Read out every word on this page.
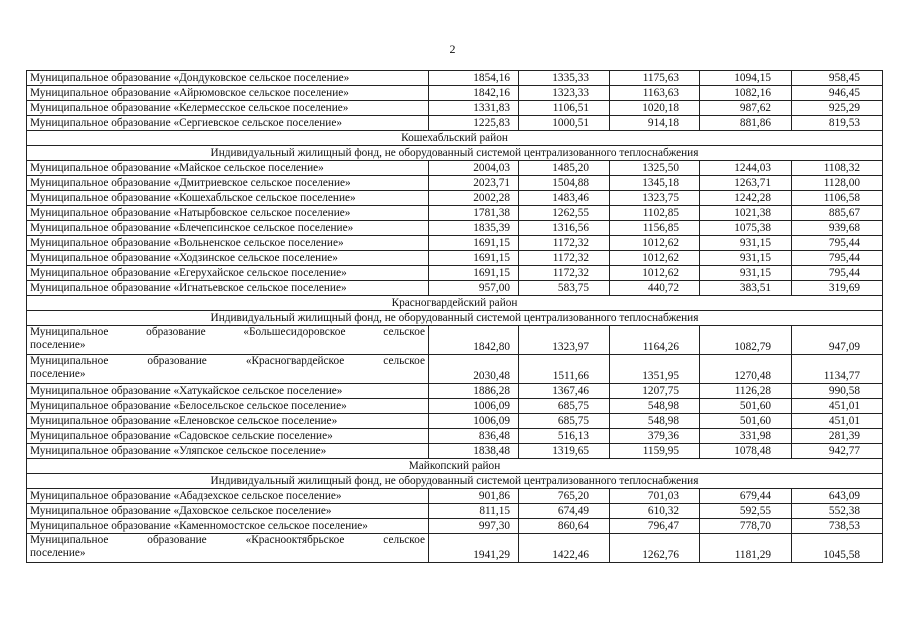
2
Муниципальное образование «Дондуковское сельское поселение»	1854,16	1335,33	1175,63	1094,15	958,45
Муниципальное образование «Айрюмовское сельское поселение»	1842,16	1323,33	1163,63	1082,16	946,45
Муниципальное образование «Келермесское сельское поселение»	1331,83	1106,51	1020,18	987,62	925,29
Муниципальное образование «Сергиевское сельское поселение»	1225,83	1000,51	914,18	881,86	819,53
Кошехабльский район					
Индивидуальный жилищный фонд, не оборудованный системой централизованного теплоснабжения					
Муниципальное образование «Майское сельское поселение»	2004,03	1485,20	1325,50	1244,03	1108,32
Муниципальное образование «Дмитриевское сельское поселение»	2023,71	1504,88	1345,18	1263,71	1128,00
Муниципальное образование «Кошехабльское сельское поселение»	2002,28	1483,46	1323,75	1242,28	1106,58
Муниципальное образование «Натырбовское сельское поселение»	1781,38	1262,55	1102,85	1021,38	885,67
Муниципальное образование «Блечепсинское сельское поселение»	1835,39	1316,56	1156,85	1075,38	939,68
Муниципальное образование «Вольненское сельское поселение»	1691,15	1172,32	1012,62	931,15	795,44
Муниципальное образование «Ходзинское сельское поселение»	1691,15	1172,32	1012,62	931,15	795,44
Муниципальное образование «Егерухайское сельское поселение»	1691,15	1172,32	1012,62	931,15	795,44
Муниципальное образование «Игнатьевское сельское поселение»	957,00	583,75	440,72	383,51	319,69
Красногвардейский район					
Индивидуальный жилищный фонд, не оборудованный системой централизованного теплоснабжения					
Муниципальное образование «Большесидоровское сельское
поселение»	1842,80	1323,97	1164,26	1082,79	947,09
Муниципальное образование «Красногвардейское сельское
поселение»	2030,48	1511,66	1351,95	1270,48	1134,77
Муниципальное образование «Хатукайское сельское поселение»	1886,28	1367,46	1207,75	1126,28	990,58
Муниципальное образование «Белосельское сельское поселение»	1006,09	685,75	548,98	501,60	451,01
Муниципальное образование «Еленовское сельское поселение»	1006,09	685,75	548,98	501,60	451,01
Муниципальное образование «Садовское сельские поселение»	836,48	516,13	379,36	331,98	281,39
Муниципальное образование «Уляпское сельское поселение»	1838,48	1319,65	1159,95	1078,48	942,77
Майкопский район					
Индивидуальный жилищный фонд, не оборудованный системой централизованного теплоснабжения					
Муниципальное образование «Абадзехское сельское поселение»	901,86	765,20	701,03	679,44	643,09
Муниципальное образование «Даховское сельское поселение»	811,15	674,49	610,32	592,55	552,38
Муниципальное образование «Каменномостское сельское поселение»	997,30	860,64	796,47	778,70	738,53
Муниципальное образование «Краснооктябрьское сельское
поселение»	1941,29	1422,46	1262,76	1181,29	1045,58
